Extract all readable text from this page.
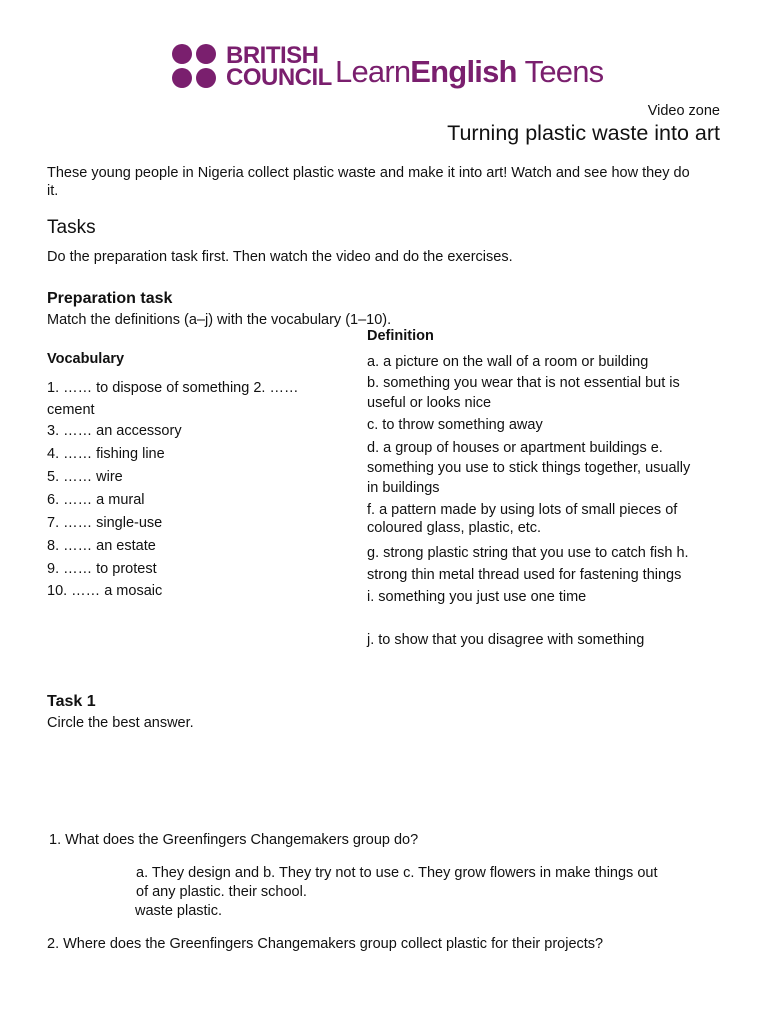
BRITISH
COUNCIL LearnEnglish Teens
Video zone
Turning plastic waste into art
These young people in Nigeria collect plastic waste and make it into art! Watch and see how they do it.
Tasks
Do the preparation task first. Then watch the video and do the exercises.
Preparation task
Match the definitions (a–j) with the vocabulary (1–10).
Definition
Vocabulary
1. …… to dispose of something 2. …… cement
3. …… an accessory
4. …… fishing line
5. …… wire
6. …… a mural
7. …… single-use
8. …… an estate
9. …… to protest
10. …… a mosaic
a. a picture on the wall of a room or building
b. something you wear that is not essential but is useful or looks nice
c. to throw something away
d. a group of houses or apartment buildings e. something you use to stick things together, usually in buildings
f. a pattern made by using lots of small pieces of coloured glass, plastic, etc.
g. strong plastic string that you use to catch fish h. strong thin metal thread used for fastening things i. something you just use one time
j. to show that you disagree with something
Task 1
Circle the best answer.
1. What does the Greenfingers Changemakers group do?
a. They design and b. They try not to use c. They grow flowers in make things out
of any plastic. their school.
waste plastic.
2. Where does the Greenfingers Changemakers group collect plastic for their projects?
